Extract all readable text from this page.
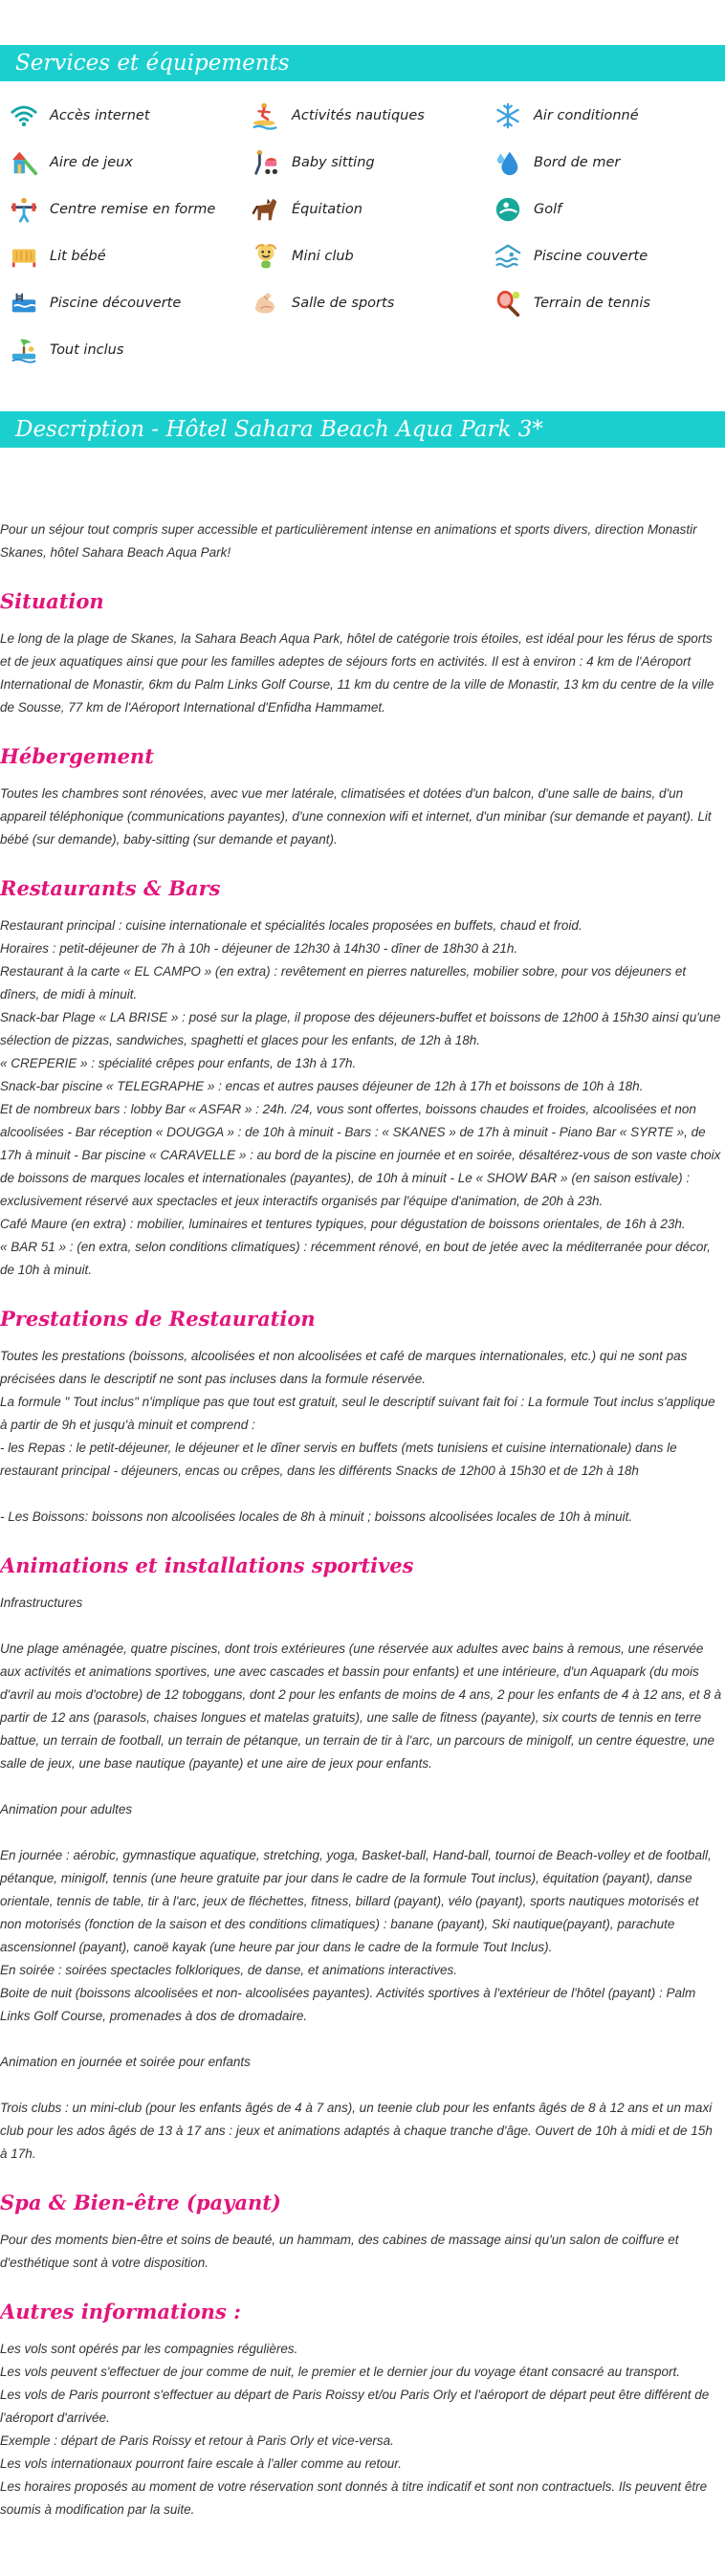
Services et équipements
Accès internet	Activités nautiques	Air conditionné
Aire de jeux	Baby sitting	Bord de mer
Centre remise en forme	Équitation	Golf
Lit bébé	Mini club	Piscine couverte
Piscine découverte	Salle de sports	Terrain de tennis
Tout inclus
Description - Hôtel Sahara Beach Aqua Park 3*

Pour un séjour tout compris super accessible et particulièrement intense en animations et sports divers, direction Monastir Skanes, hôtel Sahara Beach Aqua Park!

Situation

Le long de la plage de Skanes, la Sahara Beach Aqua Park, hôtel de catégorie trois étoiles, est idéal pour les férus de sports et de jeux aquatiques ainsi que pour les familles adeptes de séjours forts en activités. Il est à environ : 4 km de l'Aéroport International de Monastir, 6km du Palm Links Golf Course, 11 km du centre de la ville de Monastir, 13 km du centre de la ville de Sousse, 77 km de l'Aéroport International d'Enfidha Hammamet.

Hébergement

Toutes les chambres sont rénovées, avec vue mer latérale, climatisées et dotées d'un balcon, d'une salle de bains, d'un appareil téléphonique (communications payantes), d'une connexion wifi et internet, d'un minibar (sur demande et payant). Lit bébé (sur demande), baby-sitting (sur demande et payant).

Restaurants & Bars

Restaurant principal : cuisine internationale et spécialités locales proposées en buffets, chaud et froid.

Horaires : petit-déjeuner de 7h à 10h - déjeuner de 12h30 à 14h30 - dîner de 18h30 à 21h.

Restaurant à la carte « EL CAMPO » (en extra) : revêtement en pierres naturelles, mobilier sobre, pour vos déjeuners et dîners, de midi à minuit.

Snack-bar Plage « LA BRISE » : posé sur la plage, il propose des déjeuners-buffet et boissons de 12h00 à 15h30 ainsi qu'une sélection de pizzas, sandwiches, spaghetti et glaces pour les enfants, de 12h à 18h.

« CREPERIE » : spécialité crêpes pour enfants, de 13h à 17h.

Snack-bar piscine « TELEGRAPHE » : encas et autres pauses déjeuner de 12h à 17h et boissons de 10h à 18h.

Et de nombreux bars : lobby Bar « ASFAR » : 24h. /24, vous sont offertes, boissons chaudes et froides, alcoolisées et non alcoolisées - Bar réception « DOUGGA » : de 10h à minuit - Bars : « SKANES » de 17h à minuit - Piano Bar « SYRTE », de 17h à minuit - Bar piscine « CARAVELLE » : au bord de la piscine en journée et en soirée, désaltérez-vous de son vaste choix de boissons de marques locales et internationales (payantes), de 10h à minuit - Le « SHOW BAR » (en saison estivale) : exclusivement réservé aux spectacles et jeux interactifs organisés par l'équipe d'animation, de 20h à 23h.

Café Maure (en extra) : mobilier, luminaires et tentures typiques, pour dégustation de boissons orientales, de 16h à 23h.

« BAR 51 » : (en extra, selon conditions climatiques) : récemment rénové, en bout de jetée avec la méditerranée pour décor, de 10h à minuit.

Prestations de Restauration

Toutes les prestations (boissons, alcoolisées et non alcoolisées et café de marques internationales, etc.) qui ne sont pas précisées dans le descriptif ne sont pas incluses dans la formule réservée.

La formule " Tout inclus" n'implique pas que tout est gratuit, seul le descriptif suivant fait foi : La formule Tout inclus s'applique à partir de 9h et jusqu'à minuit et comprend :

- les Repas : le petit-déjeuner, le déjeuner et le dîner servis en buffets (mets tunisiens et cuisine internationale) dans le restaurant principal - déjeuners, encas ou crêpes, dans les différents Snacks de 12h00 à 15h30 et de 12h à 18h

- Les Boissons: boissons non alcoolisées locales de 8h à minuit ; boissons alcoolisées locales de 10h à minuit.

Animations et installations sportives

Infrastructures

Une plage aménagée, quatre piscines, dont trois extérieures (une réservée aux adultes avec bains à remous, une réservée aux activités et animations sportives, une avec cascades et bassin pour enfants) et une intérieure, d'un Aquapark (du mois d'avril au mois d'octobre) de 12 toboggans, dont 2 pour les enfants de moins de 4 ans, 2 pour les enfants de 4 à 12 ans, et 8 à partir de 12 ans (parasols, chaises longues et matelas gratuits), une salle de fitness (payante), six courts de tennis en terre battue, un terrain de football, un terrain de pétanque, un terrain de tir à l'arc, un parcours de minigolf, un centre équestre, une salle de jeux, une base nautique (payante) et une aire de jeux pour enfants.

Animation pour adultes

En journée : aérobic, gymnastique aquatique, stretching, yoga, Basket-ball, Hand-ball, tournoi de Beach-volley et de football, pétanque, minigolf, tennis (une heure gratuite par jour dans le cadre de la formule Tout inclus), équitation (payant), danse orientale, tennis de table, tir à l'arc, jeux de fléchettes, fitness, billard (payant), vélo (payant), sports nautiques motorisés et non motorisés (fonction de la saison et des conditions climatiques) : banane (payant), Ski nautique(payant), parachute ascensionnel (payant), canoë kayak (une heure par jour dans le cadre de la formule Tout Inclus).

En soirée : soirées spectacles folkloriques, de danse, et animations interactives.

Boite de nuit (boissons alcoolisées et non- alcoolisées payantes). Activités sportives à l'extérieur de l'hôtel (payant) : Palm Links Golf Course, promenades à dos de dromadaire.

Animation en journée et soirée pour enfants

Trois clubs : un mini-club (pour les enfants âgés de 4 à 7 ans), un teenie club pour les enfants âgés de 8 à 12 ans et un maxi club pour les ados âgés de 13 à 17 ans : jeux et animations adaptés à chaque tranche d'âge. Ouvert de 10h à midi et de 15h à 17h.

Spa & Bien-être (payant)

Pour des moments bien-être et soins de beauté, un hammam, des cabines de massage ainsi qu'un salon de coiffure et d'esthétique sont à votre disposition.

Autres informations :

Les vols sont opérés par les compagnies régulières.

Les vols peuvent s'effectuer de jour comme de nuit, le premier et le dernier jour du voyage étant consacré au transport.

Les vols de Paris pourront s'effectuer au départ de Paris Roissy et/ou Paris Orly et l'aéroport de départ peut être différent de l'aéroport d'arrivée.

Exemple : départ de Paris Roissy et retour à Paris Orly et vice-versa.

Les vols internationaux pourront faire escale à l'aller comme au retour.

Les horaires proposés au moment de votre réservation sont donnés à titre indicatif et sont non contractuels. Ils peuvent être soumis à modification par la suite.
